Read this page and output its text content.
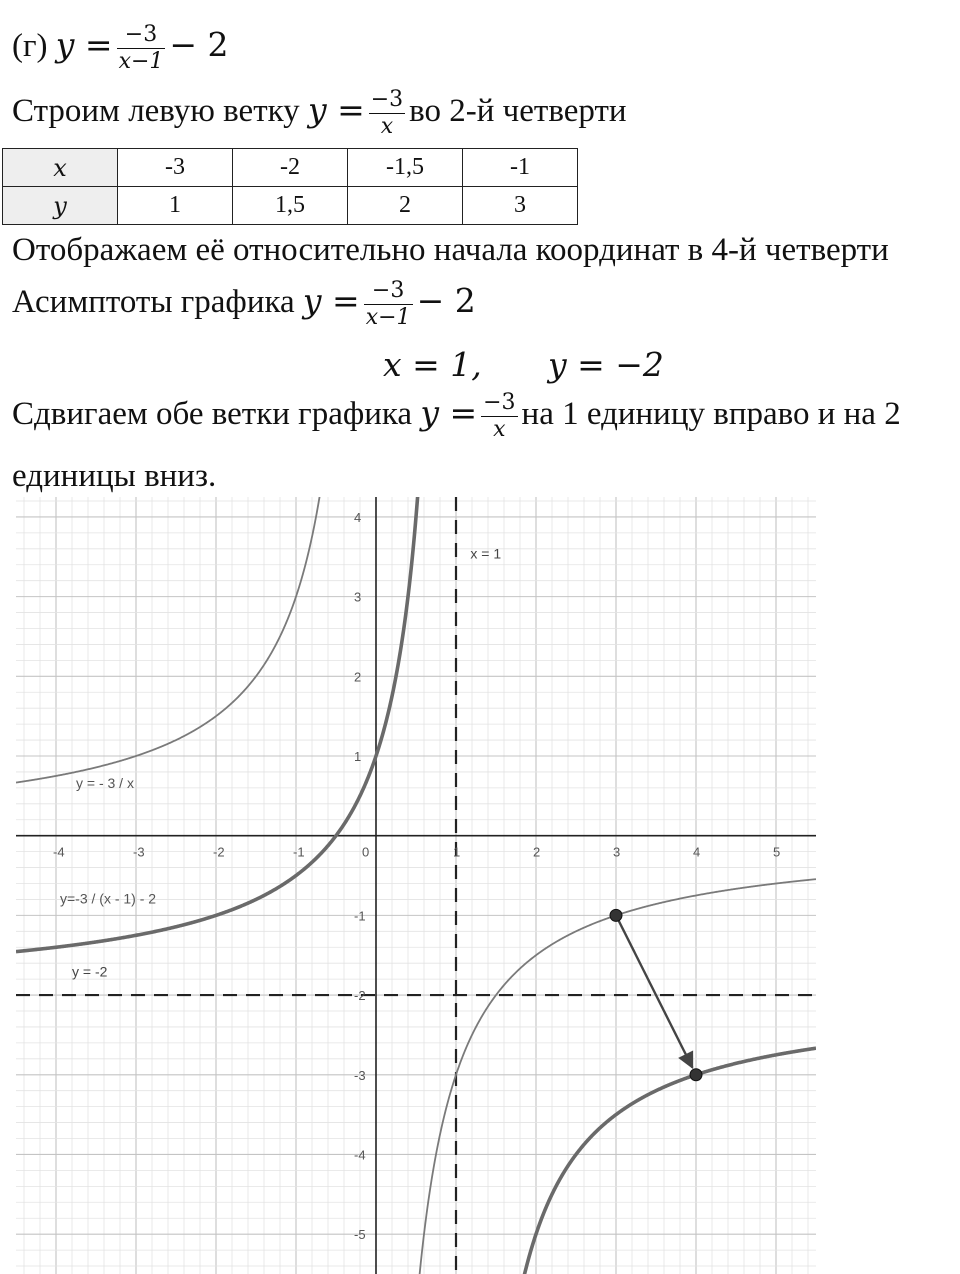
(г) $y = \frac{-3}{x-1} - 2$
Строим левую ветку $y = \frac{-3}{x}$ во 2-й четверти
x	-3	-2	-1,5	-1
y	1	1,5	2	3
Отображаем её относительно начала координат в 4-й четверти
Асимптоты графика $y = \frac{-3}{x-1} - 2$
x = 1, y = −2
Сдвигаем обе ветки графика $y = \frac{-3}{x}$ на 1 единицу вправо и на 2
единицы вниз.
-4	-3	-2	-1	0	1	2	3	4	5
-5
-4
-3
-2
-1
1
2
3
4
y = - 3 / x
y=-3 / (x - 1) - 2
x = 1
y = -2
